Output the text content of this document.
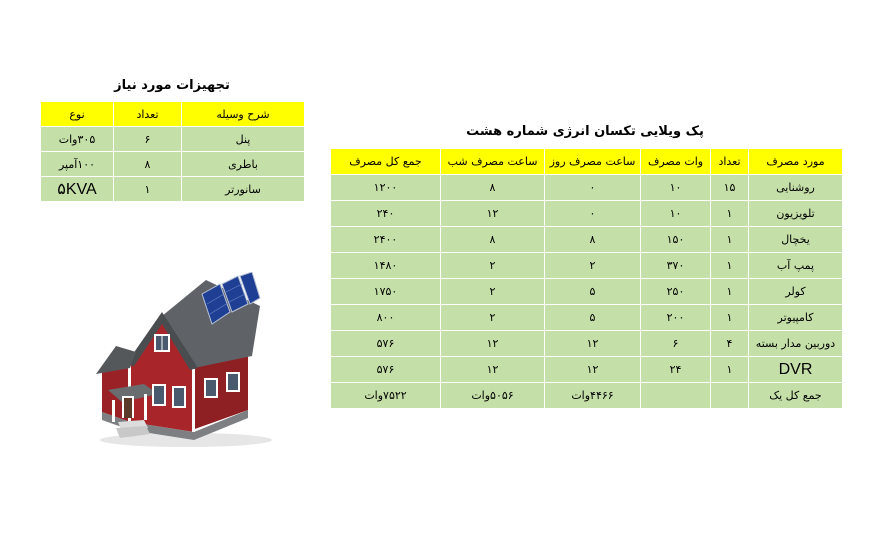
تجهیزات مورد نیاز
شرح وسیله	تعداد	نوع
پنل	۶	۳۰۵وات
باطری	۸	۱۰۰آمپر
سانورتر	۱	۵KVA
پک ویلایی تکسان انرژی شماره هشت
مورد مصرف	تعداد	وات مصرف	ساعت مصرف روز	ساعت مصرف شب	جمع کل مصرف
روشنایی	۱۵	۱۰	۰	۸	۱۲۰۰
تلویزیون	۱	۱۰	۰	۱۲	۲۴۰
یخچال	۱	۱۵۰	۸	۸	۲۴۰۰
پمپ آب	۱	۳۷۰	۲	۲	۱۴۸۰
کولر	۱	۲۵۰	۵	۲	۱۷۵۰
کامپیوتر	۱	۲۰۰	۵	۲	۸۰۰
دوربین مدار بسته	۴	۶	۱۲	۱۲	۵۷۶
DVR	۱	۲۴	۱۲	۱۲	۵۷۶
جمع کل یک			۴۴۶۶وات	۵۰۵۶وات	۷۵۲۲وات
